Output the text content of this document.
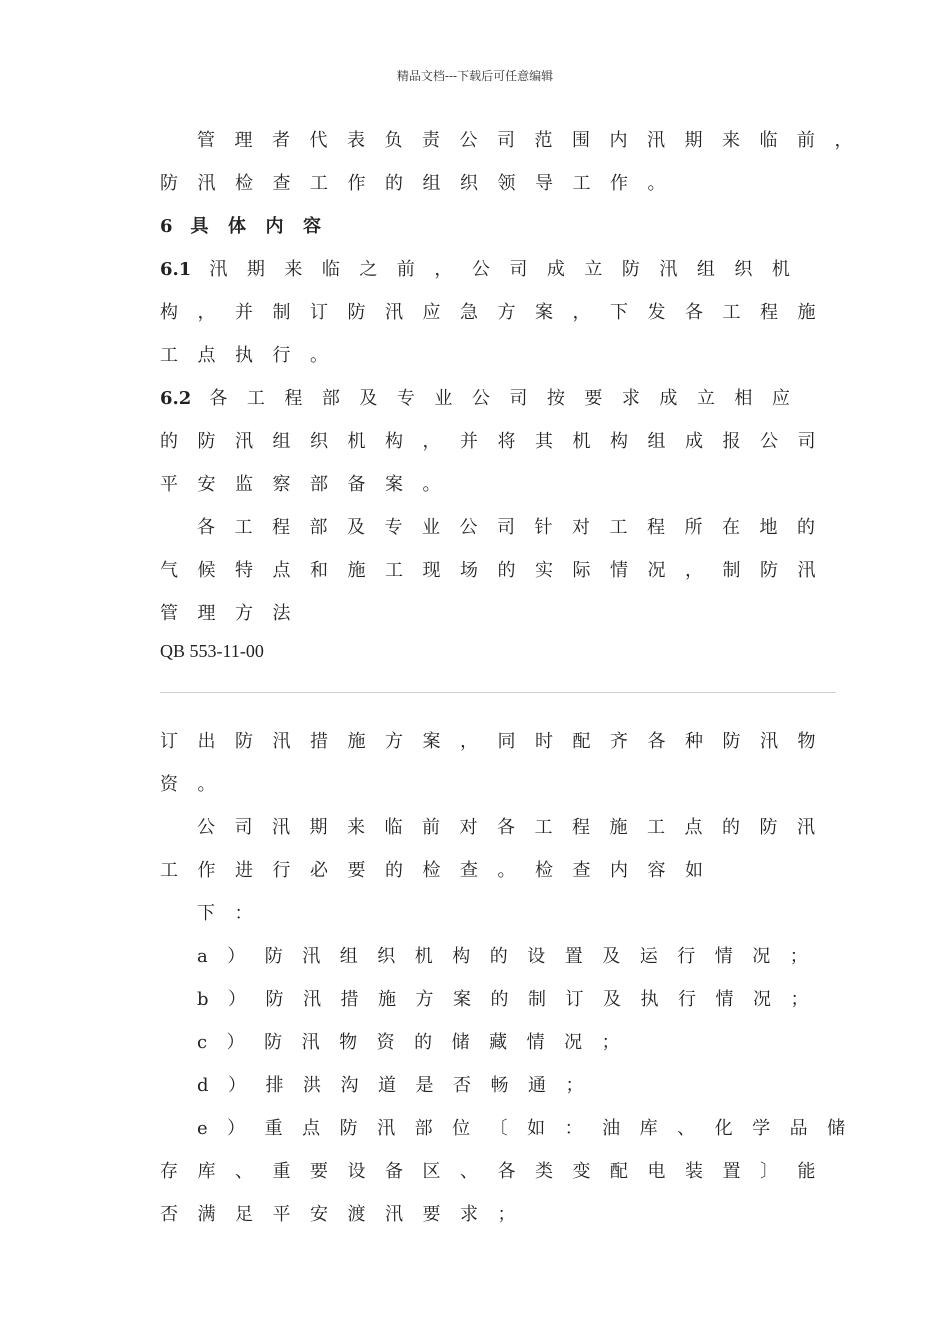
精品文档---下载后可任意编辑
管理者代表负责公司范围内汛期来临前，
防汛检查工作的组织领导工作。
6 具体内容
6.1 汛期来临之前，公司成立防汛组织机
构，并制订防汛应急方案，下发各工程施
工点执行。
6.2 各工程部及专业公司按要求成立相应
的防汛组织机构，并将其机构组成报公司
平安监察部备案。
各工程部及专业公司针对工程所在地的
气候特点和施工现场的实际情况，制防汛
管理方法
QB 553-11-00
订出防汛措施方案，同时配齐各种防汛物
资。
公司汛期来临前对各工程施工点的防汛
工作进行必要的检查。检查内容如
下：
a）防汛组织机构的设置及运行情况；
b）防汛措施方案的制订及执行情况；
c）防汛物资的储藏情况；
d）排洪沟道是否畅通；
e）重点防汛部位〔如：油库、化学品储
存库、重要设备区、各类变配电装置〕能
否满足平安渡汛要求；
